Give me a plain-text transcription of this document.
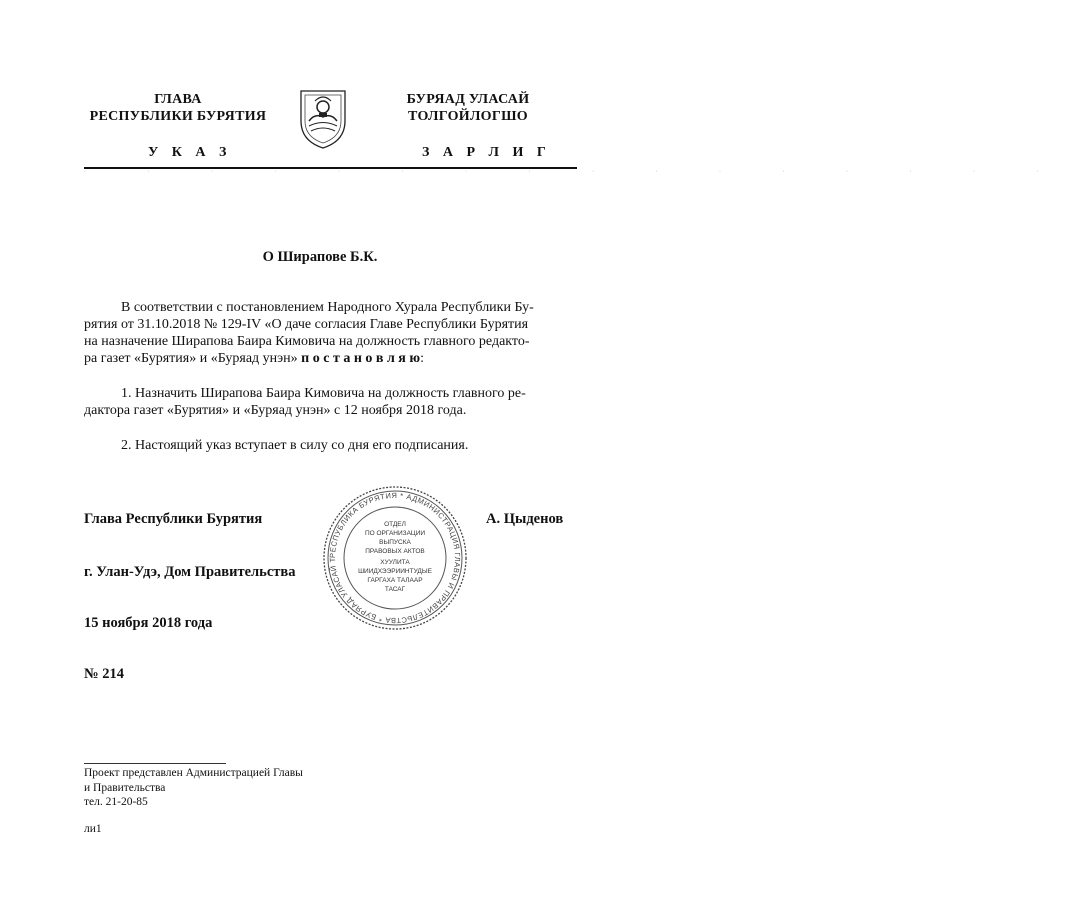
ГЛАВА
РЕСПУБЛИКИ БУРЯТИЯ
У К А З
БУРЯАД УЛАСАЙ
ТОЛГОЙЛОГШО
З А Р Л И Г
· · · · · · · · · · · · · · · ·
О Ширапове Б.К.
В соответствии с постановлением Народного Хурала Республики Бу-
рятия от 31.10.2018 № 129-IV «О даче согласия Главе Республики Бурятия
на назначение Ширапова Баира Кимовича на должность главного редакто-
ра газет «Бурятия» и «Буряад унэн» п о с т а н о в л я ю:
1. Назначить Ширапова Баира Кимовича на должность главного ре-
дактора газет «Бурятия» и «Буряад унэн» с 12 ноября 2018 года.
2. Настоящий указ вступает в силу со дня его подписания.
РЕСПУБЛИКА БУРЯТИЯ * АДМИНИСТРАЦИЯ ГЛАВЫ И ПРАВИТЕЛЬСТВА * БУРЯАД УЛАСАЙ Т
ОТДЕЛ
ПО ОРГАНИЗАЦИИ
ВЫПУСКА
ПРАВОВЫХ АКТОВ
ХУУЛИТА
ШИИДХЭЭРИИНТУДЫЕ
ГАРГАХА ТАЛААР
ТАСАГ
Глава Республики Бурятия	А. Цыденов
г. Улан-Удэ, Дом Правительства
15 ноября 2018 года
№ 214
Проект представлен Администрацией Главы
и Правительства
тел. 21-20-85
ли1
